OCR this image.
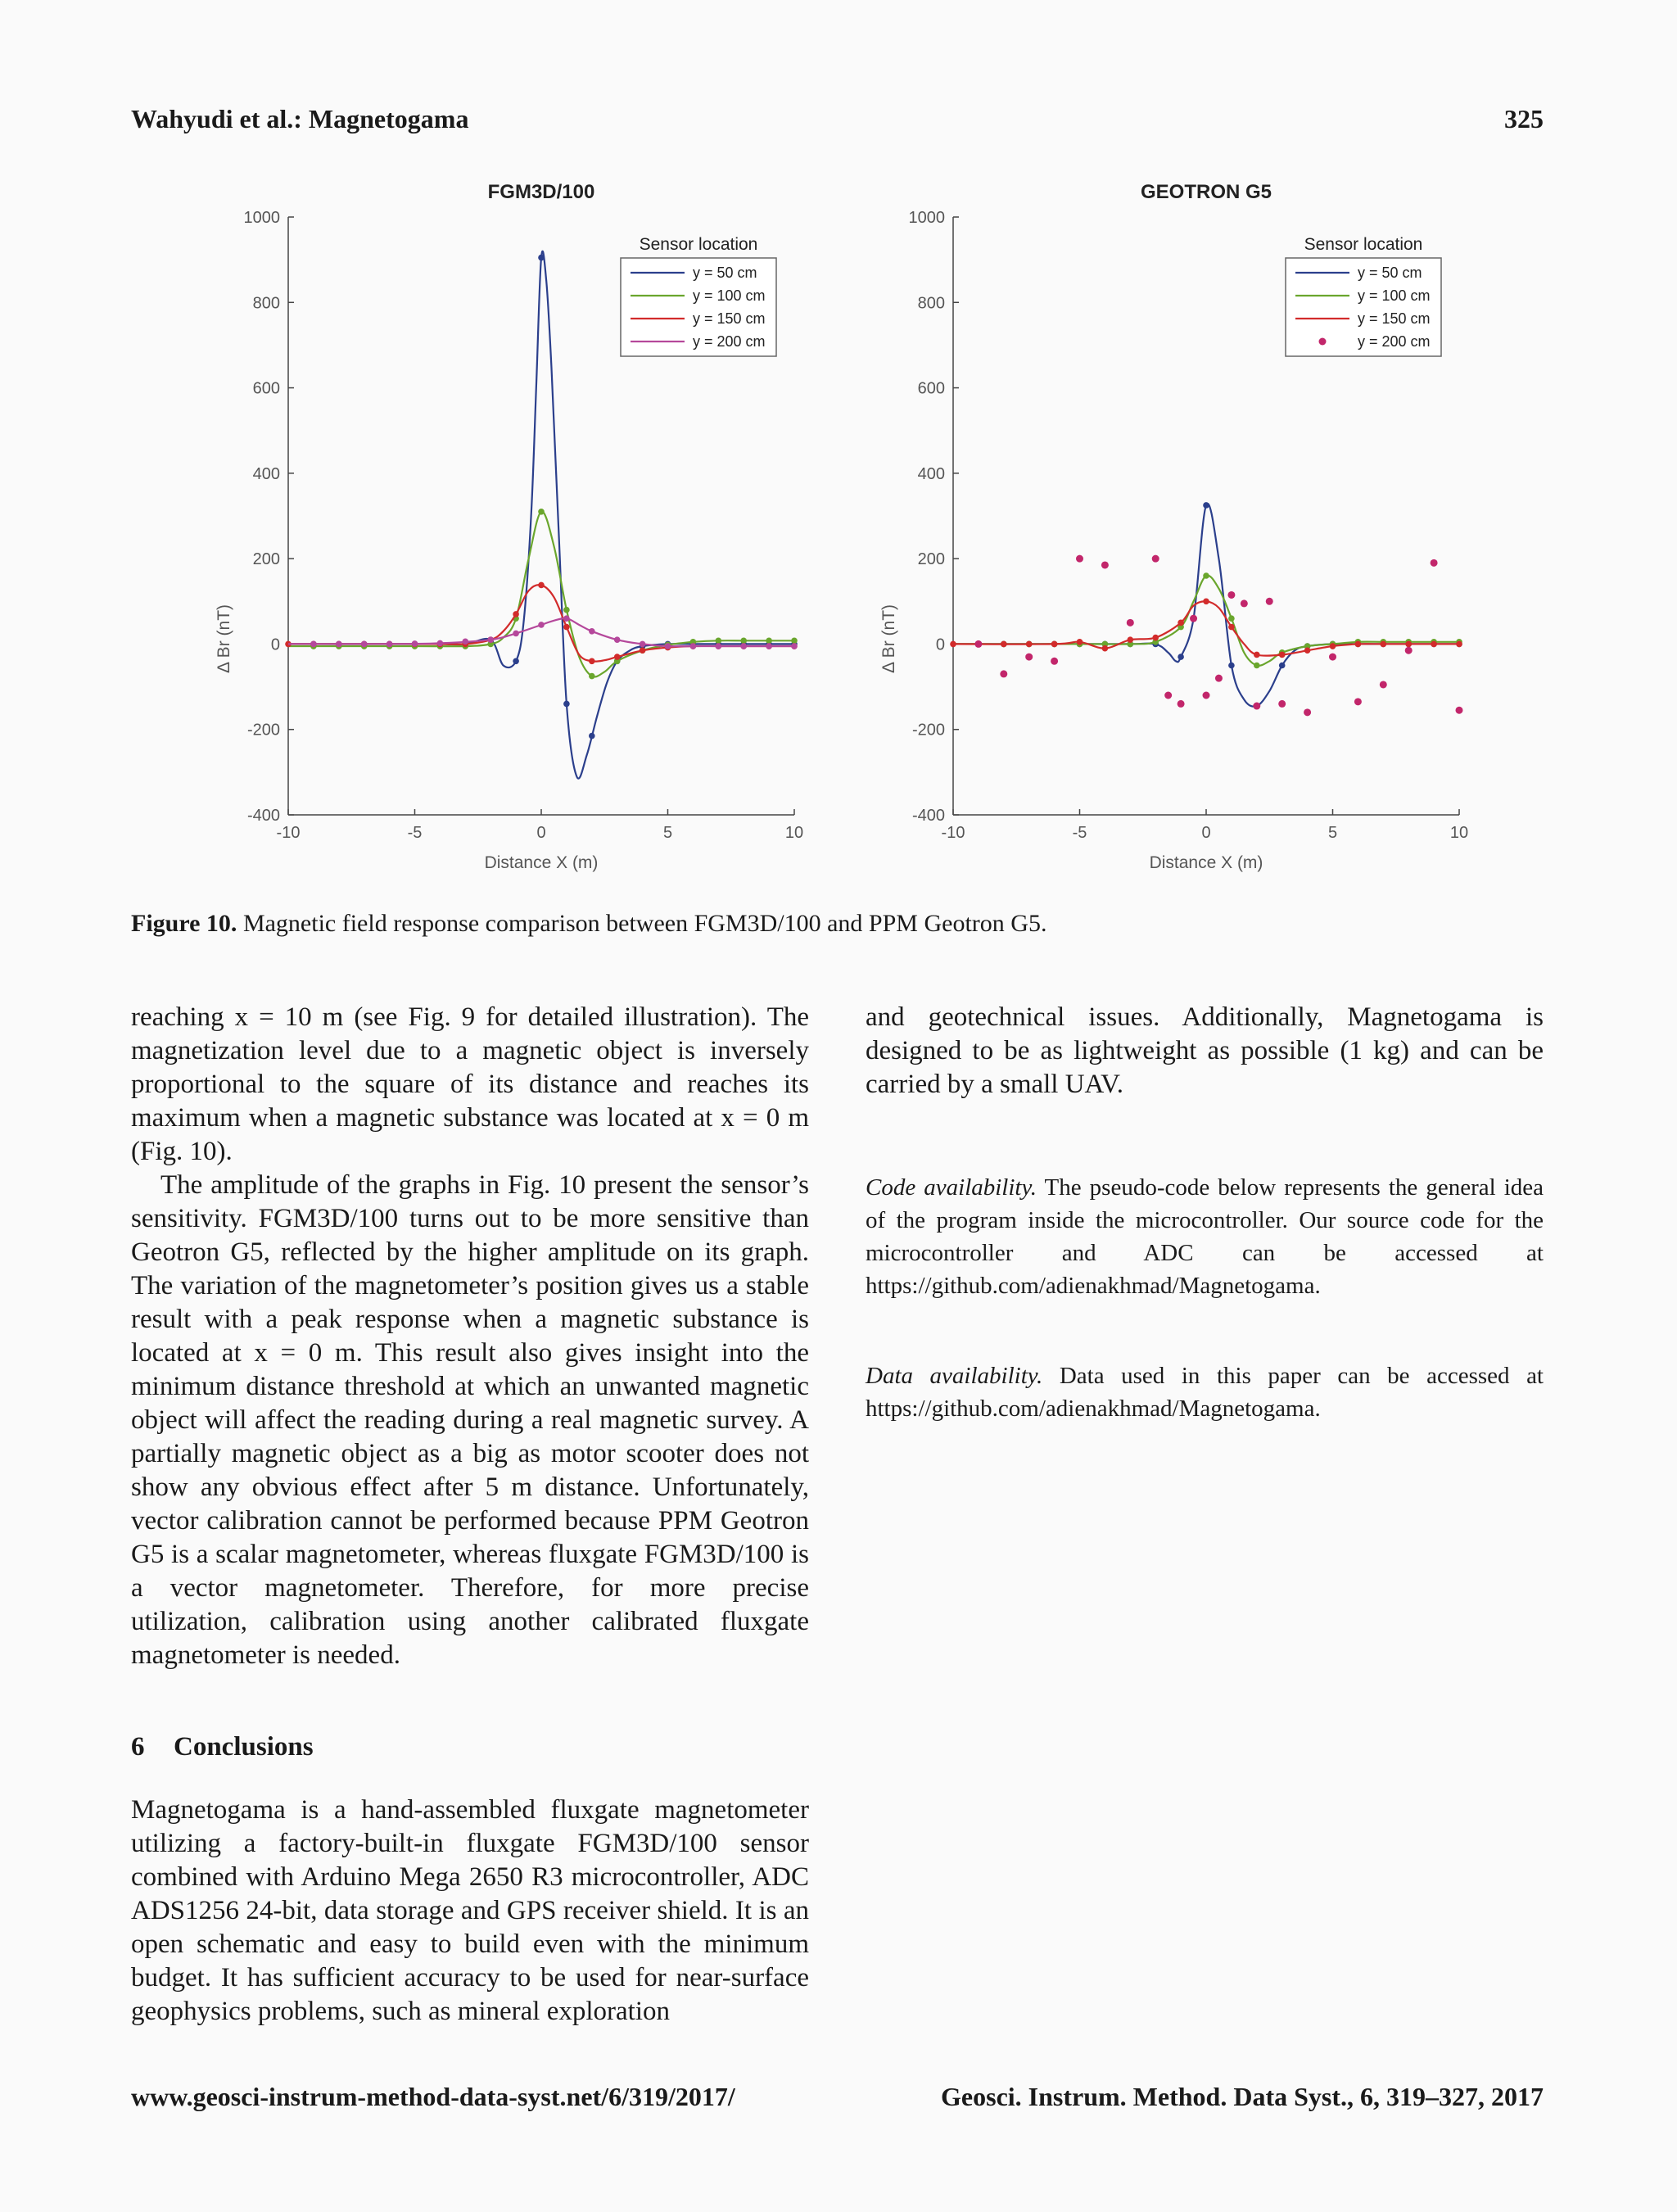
Wahyudi et al.: Magnetogama	325
FGM3D/100
-400
-200
0
200
400
600
800
1000
-10	-5	0	5	10
Distance X (m)
Δ Br (nT)
Sensor location
y = 50 cm
y = 100 cm
y = 150 cm
y = 200 cm
GEOTRON G5
-400
-200
0
200
400
600
800
1000
-10	-5	0	5	10
Distance X (m)
Δ Br (nT)
Sensor location
y = 50 cm
y = 100 cm
y = 150 cm
y = 200 cm
Figure 10. Magnetic field response comparison between FGM3D/100 and PPM Geotron G5.

reaching x = 10 m (see Fig. 9 for detailed illustration). The magnetization level due to a magnetic object is inversely proportional to the square of its distance and reaches its maximum when a magnetic substance was located at x = 0 m (Fig. 10).

The amplitude of the graphs in Fig. 10 present the sensor’s sensitivity. FGM3D/100 turns out to be more sensitive than Geotron G5, reflected by the higher amplitude on its graph. The variation of the magnetometer’s position gives us a stable result with a peak response when a magnetic substance is located at x = 0 m. This result also gives insight into the minimum distance threshold at which an unwanted magnetic object will affect the reading during a real magnetic survey. A partially magnetic object as a big as motor scooter does not show any obvious effect after 5 m distance. Unfortunately, vector calibration cannot be performed because PPM Geotron G5 is a scalar magnetometer, whereas fluxgate FGM3D/100 is a vector magnetometer. Therefore, for more precise utilization, calibration using another calibrated fluxgate magnetometer is needed.

6 Conclusions
Magnetogama is a hand-assembled fluxgate magnetometer utilizing a factory-built-in fluxgate FGM3D/100 sensor combined with Arduino Mega 2650 R3 microcontroller, ADC ADS1256 24-bit, data storage and GPS receiver shield. It is an open schematic and easy to build even with the minimum budget. It has sufficient accuracy to be used for near-surface geophysics problems, such as mineral exploration

and geotechnical issues. Additionally, Magnetogama is designed to be as lightweight as possible (1 kg) and can be carried by a small UAV.

Code availability. The pseudo-code below represents the general idea of the program inside the microcontroller. Our source code for the microcontroller and ADC can be accessed at https://github.com/adienakhmad/Magnetogama.
Data availability. Data used in this paper can be accessed at https://github.com/adienakhmad/Magnetogama.
www.geosci-instrum-method-data-syst.net/6/319/2017/	Geosci. Instrum. Method. Data Syst., 6, 319–327, 2017
